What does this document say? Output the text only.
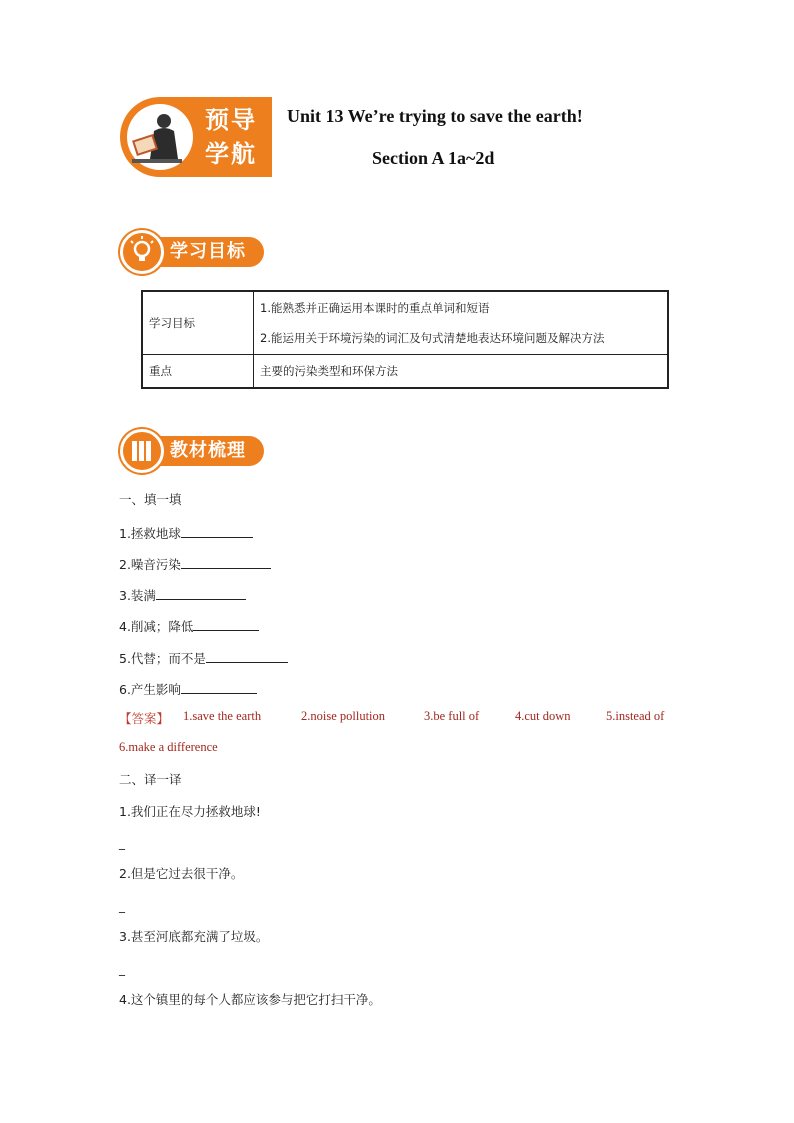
预导
学航
Unit 13 We’re trying to save the earth!
Section A 1a~2d
学习目标
学习目标	1.能熟悉并正确运用本课时的重点单词和短语
2.能运用关于环境污染的词汇及句式清楚地表达环境问题及解决方法

重点	主要的污染类型和环保方法
教材梳理
一、填一填
1.拯救地球
2.噪音污染
3.装满
4.削减；降低
5.代替；而不是
6.产生影响
【答案】 1.save the earth	2.noise pollution	3.be full of	4.cut down	5.instead of
6.make a difference
二、译一译
1.我们正在尽力拯救地球!
_
2.但是它过去很干净。
_
3.甚至河底都充满了垃圾。
_
4.这个镇里的每个人都应该参与把它打扫干净。
